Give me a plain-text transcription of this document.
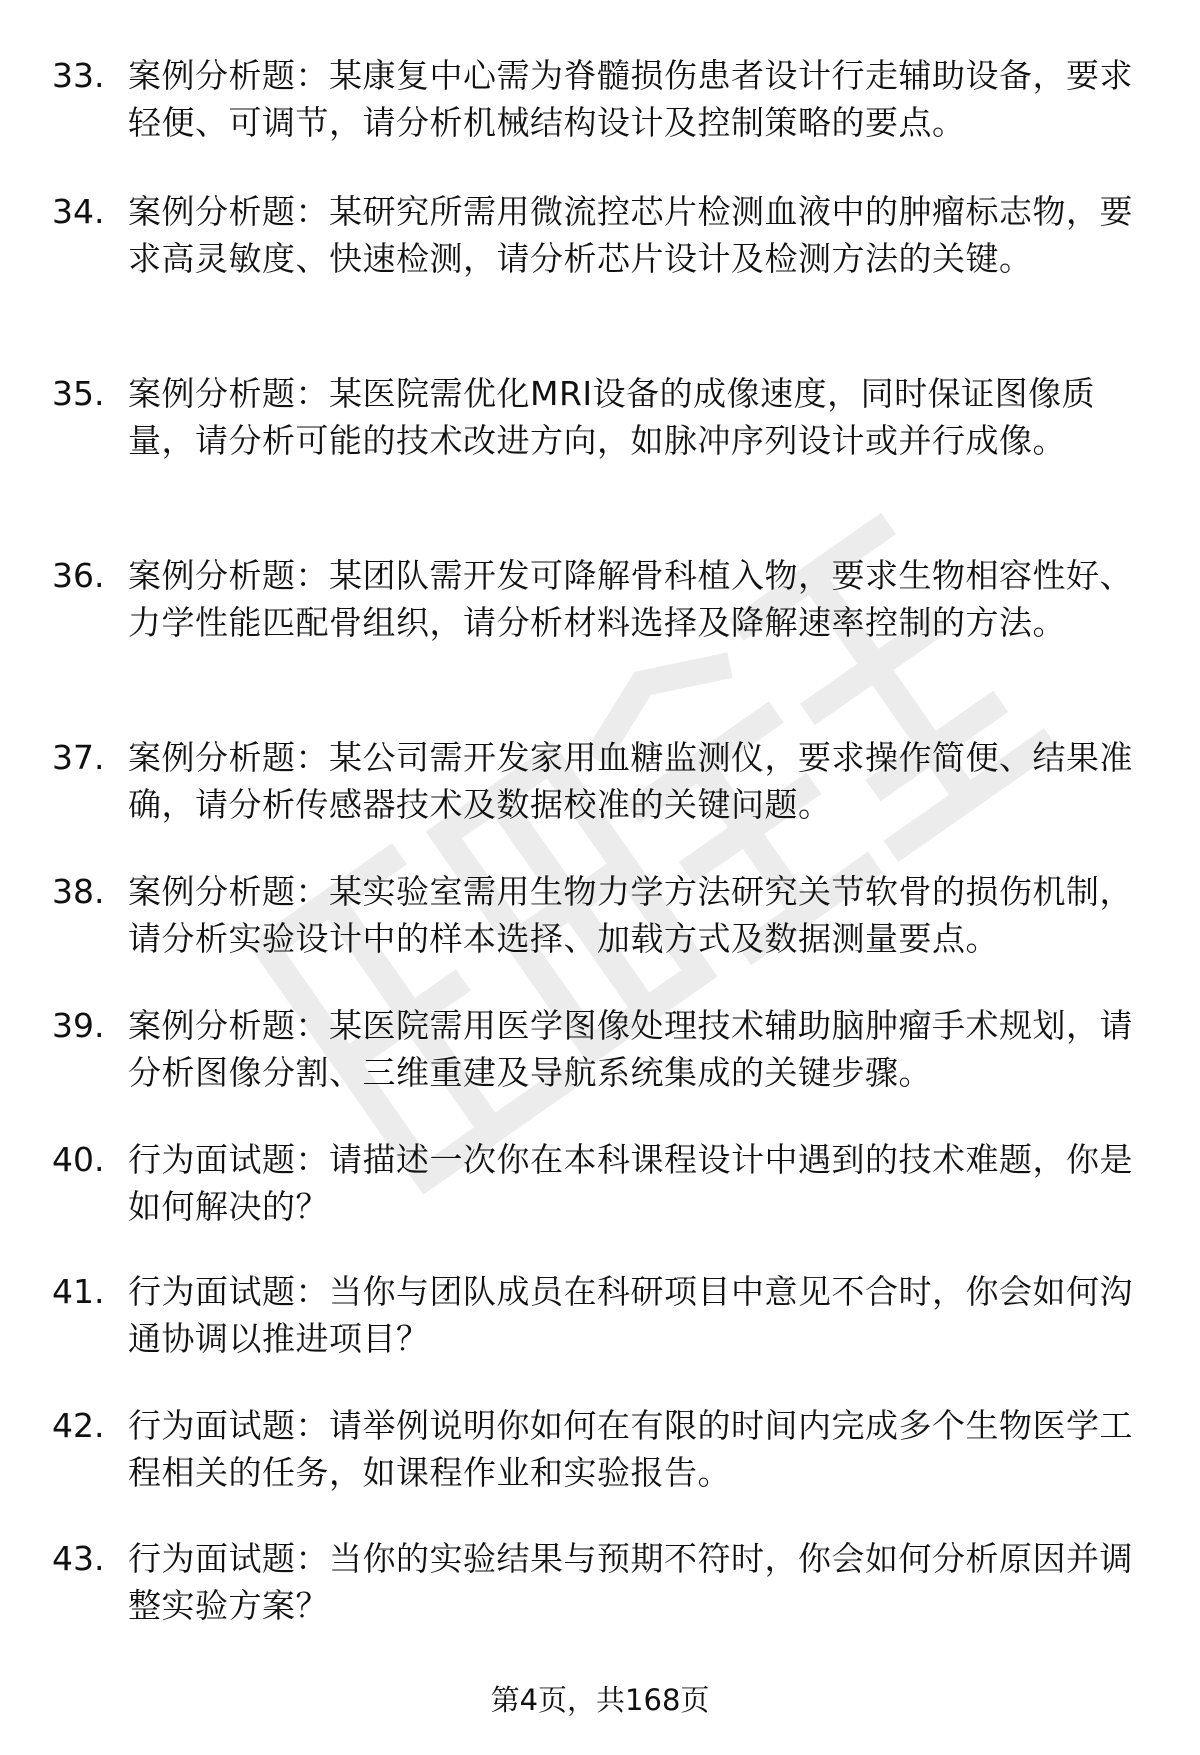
33. 案例分析题：某康复中心需为脊髓损伤患者设计行走辅助设备，要求轻便、可调节，请分析机械结构设计及控制策略的要点。
34. 案例分析题：某研究所需用微流控芯片检测血液中的肿瘤标志物，要求高灵敏度、快速检测，请分析芯片设计及检测方法的关键。
35. 案例分析题：某医院需优化MRI设备的成像速度，同时保证图像质量，请分析可能的技术改进方向，如脉冲序列设计或并行成像。
36. 案例分析题：某团队需开发可降解骨科植入物，要求生物相容性好、力学性能匹配骨组织，请分析材料选择及降解速率控制的方法。
37. 案例分析题：某公司需开发家用血糖监测仪，要求操作简便、结果准确，请分析传感器技术及数据校准的关键问题。
38. 案例分析题：某实验室需用生物力学方法研究关节软骨的损伤机制，请分析实验设计中的样本选择、加载方式及数据测量要点。
39. 案例分析题：某医院需用医学图像处理技术辅助脑肿瘤手术规划，请分析图像分割、三维重建及导航系统集成的关键步骤。
40. 行为面试题：请描述一次你在本科课程设计中遇到的技术难题，你是如何解决的？
41. 行为面试题：当你与团队成员在科研项目中意见不合时，你会如何沟通协调以推进项目？
42. 行为面试题：请举例说明你如何在有限的时间内完成多个生物医学工程相关的任务，如课程作业和实验报告。
43. 行为面试题：当你的实验结果与预期不符时，你会如何分析原因并调整实验方案？
第4页，共168页
